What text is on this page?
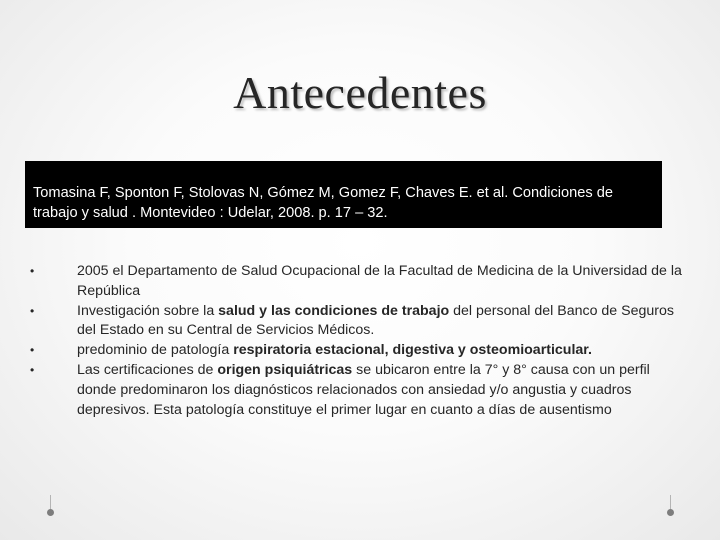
Antecedentes
Tomasina F, Sponton F, Stolovas N, Gómez M, Gomez F, Chaves E. et al. Condiciones de trabajo y salud . Montevideo : Udelar, 2008. p. 17 – 32.
•	2005 el Departamento de Salud Ocupacional de la Facultad de Medicina de la Universidad de la República
•	Investigación sobre la salud y las condiciones de trabajo del personal del Banco de Seguros del Estado en su Central de Servicios Médicos.
•	predominio de patología respiratoria estacional, digestiva y osteomioarticular.
•	Las certificaciones de origen psiquiátricas se ubicaron entre la 7° y 8° causa con un perfil donde predominaron los diagnósticos relacionados con ansiedad y/o angustia y cuadros depresivos. Esta patología constituye el primer lugar en cuanto a días de ausentismo
